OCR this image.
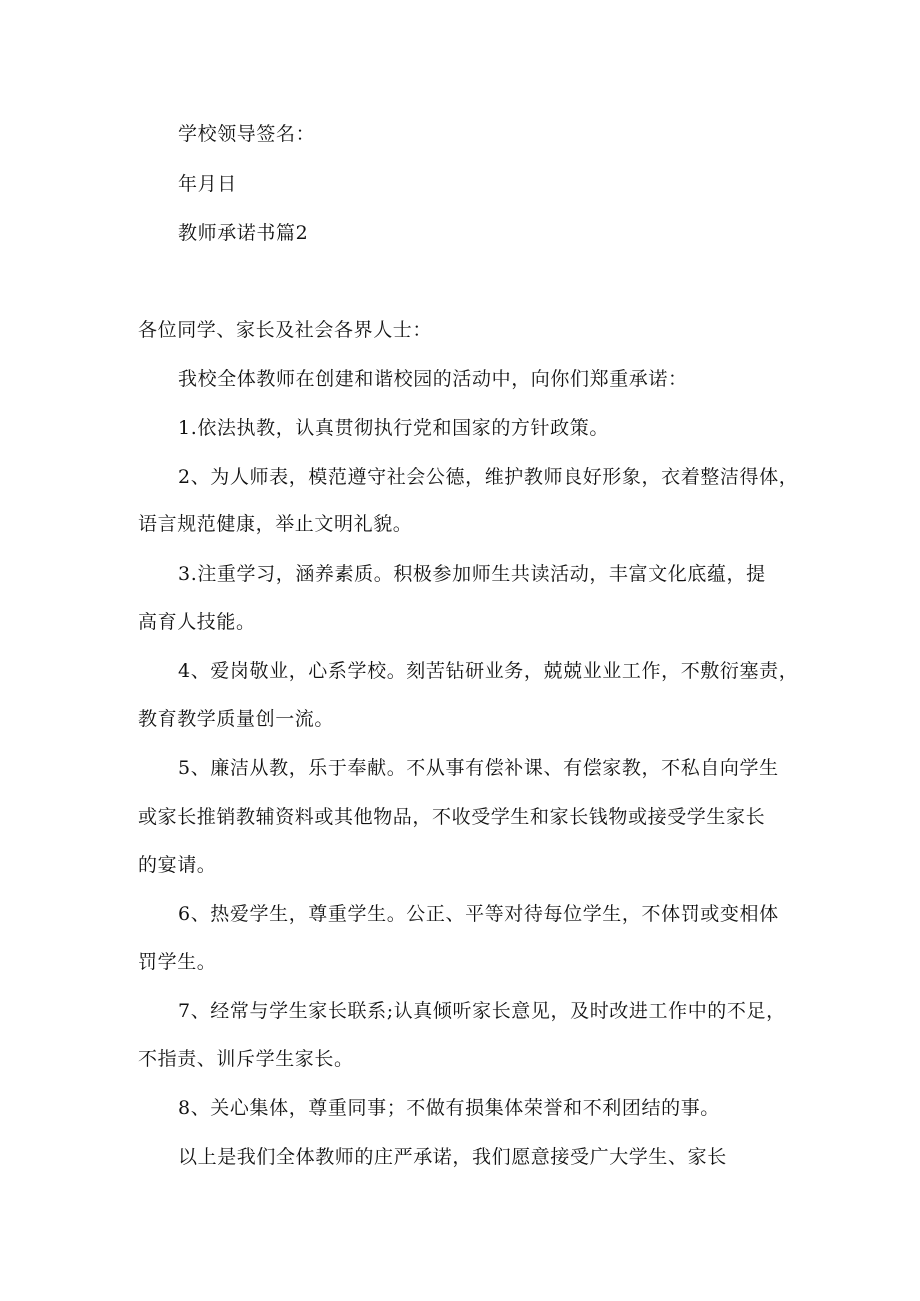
学校领导签名：
年月日
教师承诺书篇2
各位同学、家长及社会各界人士：
我校全体教师在创建和谐校园的活动中，向你们郑重承诺：
1.依法执教，认真贯彻执行党和国家的方针政策。
2、为人师表，模范遵守社会公德，维护教师良好形象，衣着整洁得体，
语言规范健康，举止文明礼貌。
3.注重学习，涵养素质。积极参加师生共读活动，丰富文化底蕴，提
高育人技能。
4、爱岗敬业，心系学校。刻苦钻研业务，兢兢业业工作，不敷衍塞责，
教育教学质量创一流。
5、廉洁从教，乐于奉献。不从事有偿补课、有偿家教，不私自向学生
或家长推销教辅资料或其他物品，不收受学生和家长钱物或接受学生家长
的宴请。
6、热爱学生，尊重学生。公正、平等对待每位学生，不体罚或变相体
罚学生。
7、经常与学生家长联系;认真倾听家长意见，及时改进工作中的不足，
不指责、训斥学生家长。
8、关心集体，尊重同事；不做有损集体荣誉和不利团结的事。
以上是我们全体教师的庄严承诺，我们愿意接受广大学生、家长
